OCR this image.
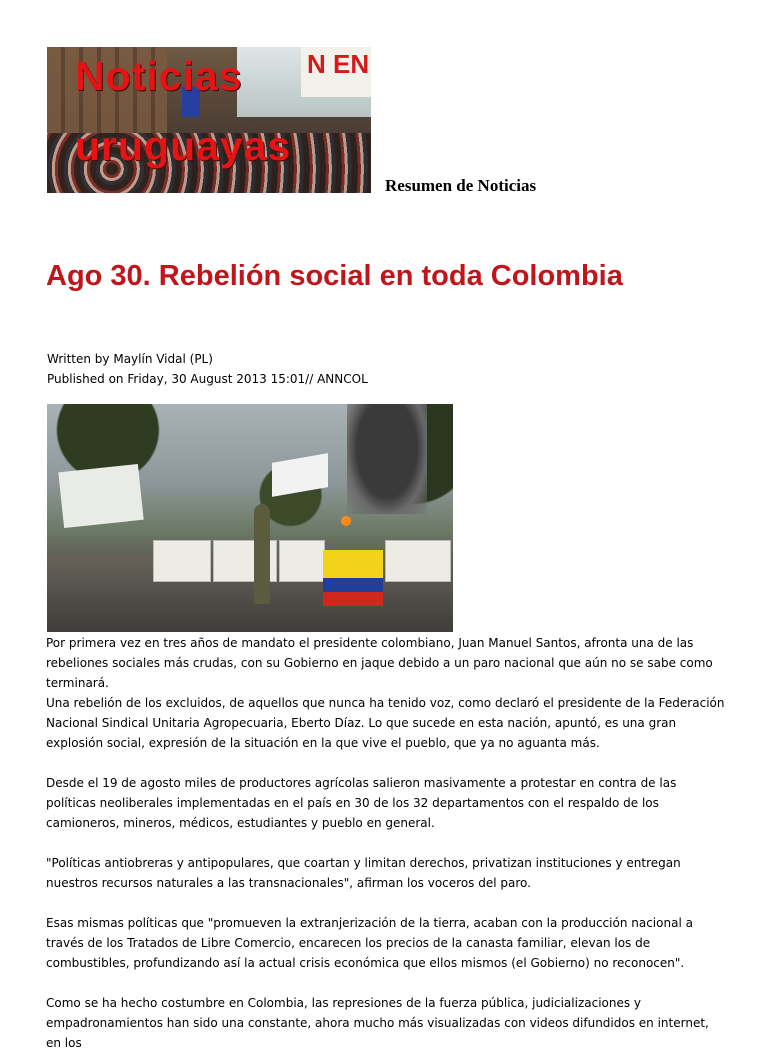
N EN
Noticias
uruguayas
Resumen de Noticias
Ago 30. Rebelión social en toda Colombia
Written by Maylín Vidal (PL)
Published on Friday, 30 August 2013 15:01// ANNCOL

Por primera vez en tres años de mandato el presidente colombiano, Juan Manuel Santos, afronta una de las rebeliones sociales más crudas, con su Gobierno en jaque debido a un paro nacional que aún no se sabe como terminará.

Una rebelión de los excluidos, de aquellos que nunca ha tenido voz, como declaró el presidente de la Federación Nacional Sindical Unitaria Agropecuaria, Eberto Díaz. Lo que sucede en esta nación, apuntó, es una gran explosión social, expresión de la situación en la que vive el pueblo, que ya no aguanta más.

Desde el 19 de agosto miles de productores agrícolas salieron masivamente a protestar en contra de las políticas neoliberales implementadas en el país en 30 de los 32 departamentos con el respaldo de los camioneros, mineros, médicos, estudiantes y pueblo en general.

"Políticas antiobreras y antipopulares, que coartan y limitan derechos, privatizan instituciones y entregan nuestros recursos naturales a las transnacionales", afirman los voceros del paro.

Esas mismas políticas que "promueven la extranjerización de la tierra, acaban con la producción nacional a través de los Tratados de Libre Comercio, encarecen los precios de la canasta familiar, elevan los de combustibles, profundizando así la actual crisis económica que ellos mismos (el Gobierno) no reconocen".

Como se ha hecho costumbre en Colombia, las represiones de la fuerza pública, judicializaciones y empadronamientos han sido una constante, ahora mucho más visualizadas con videos difundidos en internet, en los
